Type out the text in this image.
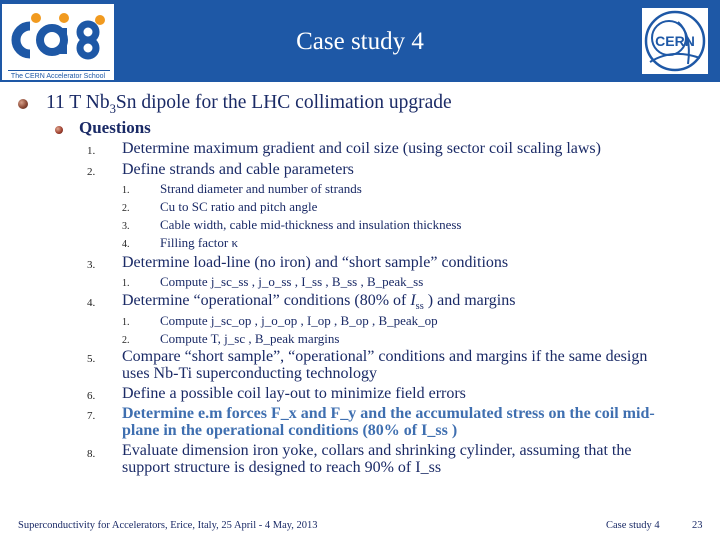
The CERN Accelerator School
Case study 4	CERN
11 T $Nb_3Sn$ dipole for the LHC collimation upgrade
Questions
1. Determine maximum gradient and coil size (using sector coil scaling laws)
2. Define strands and cable parameters
1. Strand diameter and number of strands
2. Cu to SC ratio and pitch angle
3. Cable width, cable mid-thickness and insulation thickness
4. Filling factor κ
3. Determine load-line (no iron) and “short sample” conditions
1. Compute j_sc_ss , j_o_ss , I_ss , B_ss , B_peak_ss
4. Determine “operational” conditions (80% of $I_{ss}$ ) and margins
1. Compute j_sc_op , j_o_op , I_op , B_op , B_peak_op
2. Compute T, j_sc , B_peak margins
5. Compare “short sample”, “operational” conditions and margins if the same design
uses Nb-Ti superconducting technology
6. Define a possible coil lay-out to minimize field errors
7. Determine e.m forces F_x and F_y and the accumulated stress on the coil mid-
plane in the operational conditions (80% of I_ss )
8. Evaluate dimension iron yoke, collars and shrinking cylinder, assuming that the
support structure is designed to reach 90% of I_ss
Superconductivity for Accelerators, Erice, Italy, 25 April - 4 May, 2013	Case study 4	23
